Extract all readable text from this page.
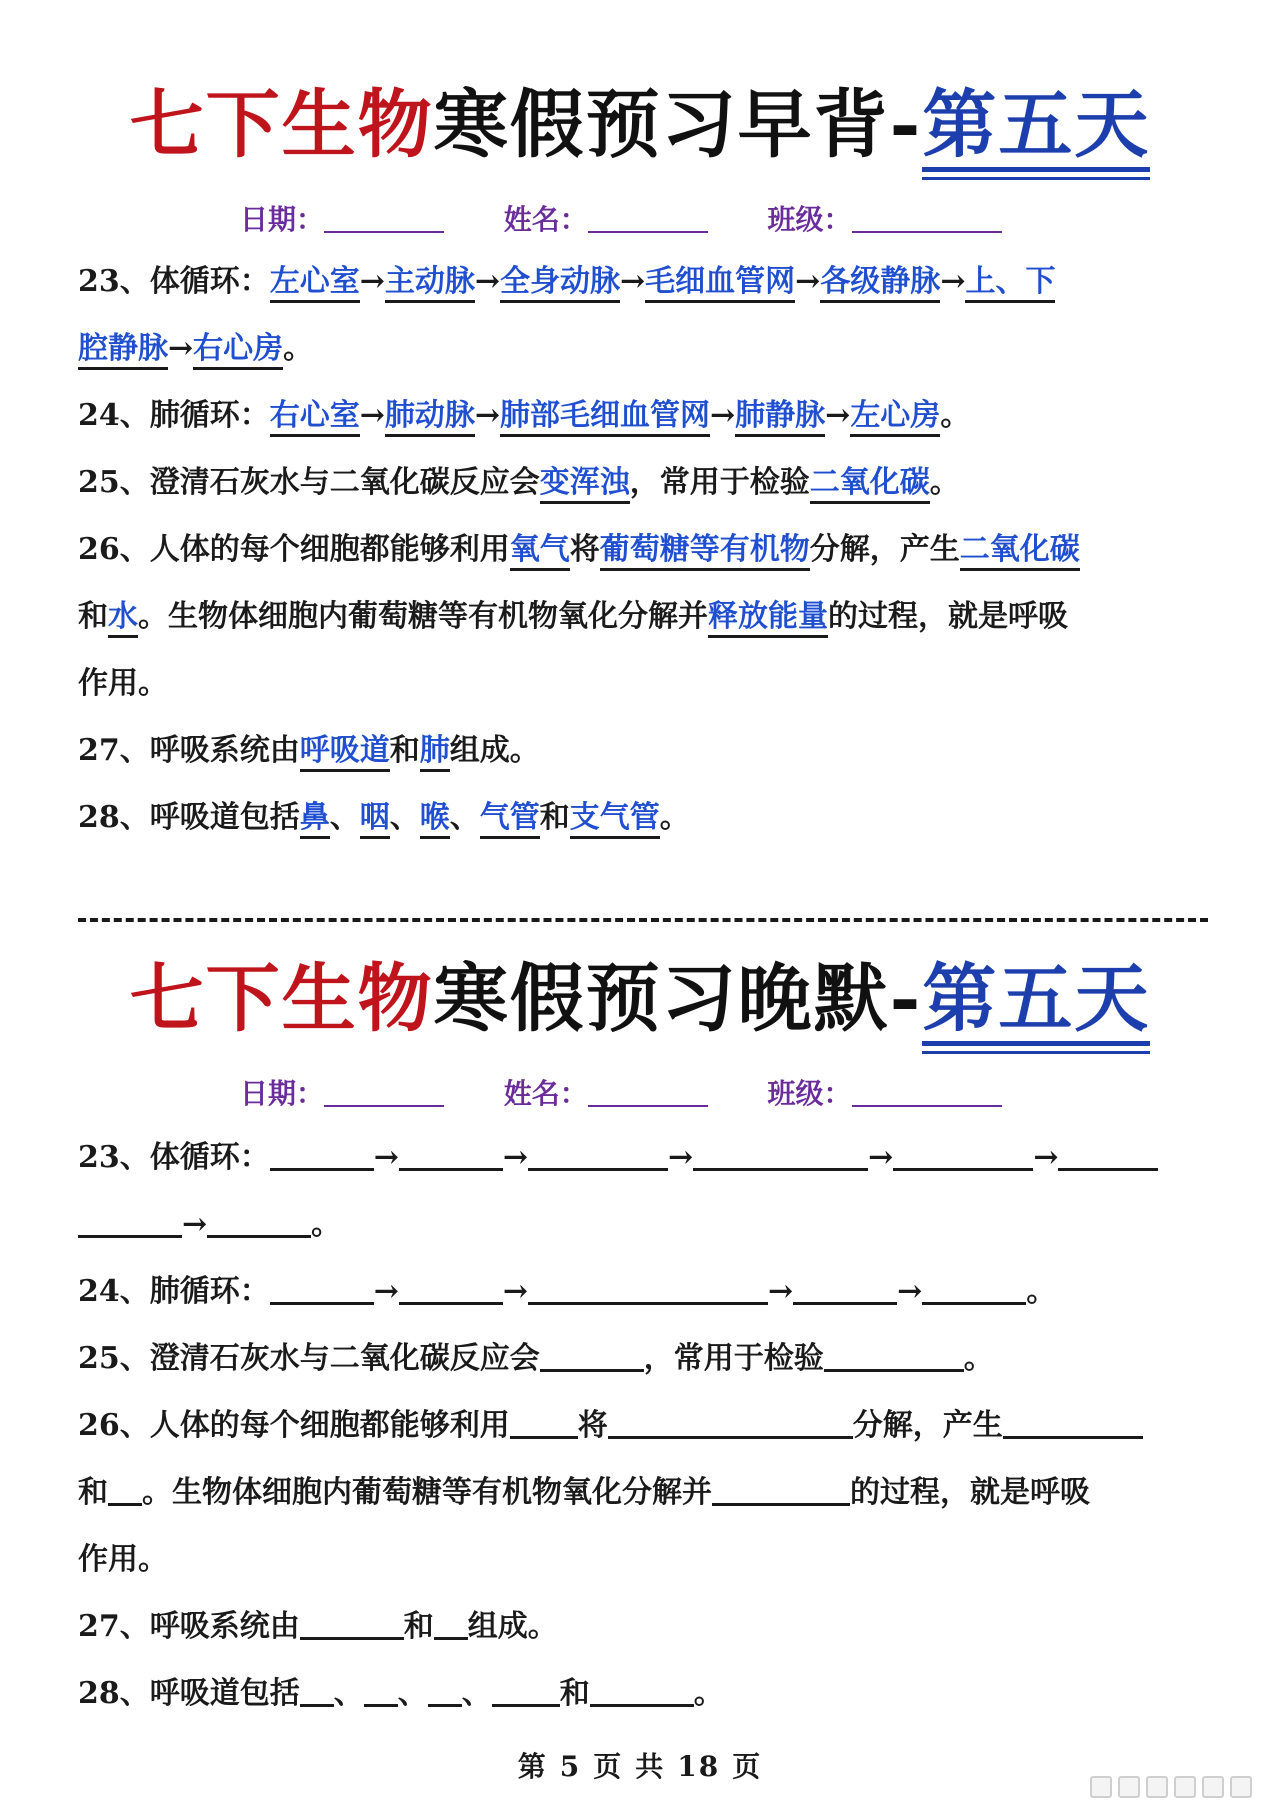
七下生物寒假预习早背-第五天
日期：	姓名：	班级：
23、体循环：左心室→主动脉→全身动脉→毛细血管网→各级静脉→上、下
腔静脉→右心房。
24、肺循环：右心室→肺动脉→肺部毛细血管网→肺静脉→左心房。
25、澄清石灰水与二氧化碳反应会变浑浊，常用于检验二氧化碳。
26、人体的每个细胞都能够利用氧气将葡萄糖等有机物分解，产生二氧化碳
和水。生物体细胞内葡萄糖等有机物氧化分解并释放能量的过程，就是呼吸
作用。
27、呼吸系统由呼吸道和肺组成。
28、呼吸道包括鼻、咽、喉、气管和支气管。
七下生物寒假预习晚默-第五天
日期：	姓名：	班级：
23、体循环：	→	→	→	→	→
→	。
24、肺循环：	→	→	→	→	。
25、澄清石灰水与二氧化碳反应会	，常用于检验	。
26、人体的每个细胞都能够利用 将	分解，产生
和 。生物体细胞内葡萄糖等有机物氧化分解并	的过程，就是呼吸
作用。
27、呼吸系统由	和 组成。
28、呼吸道包括 、 、 、 和	。
第 5 页 共 18 页
